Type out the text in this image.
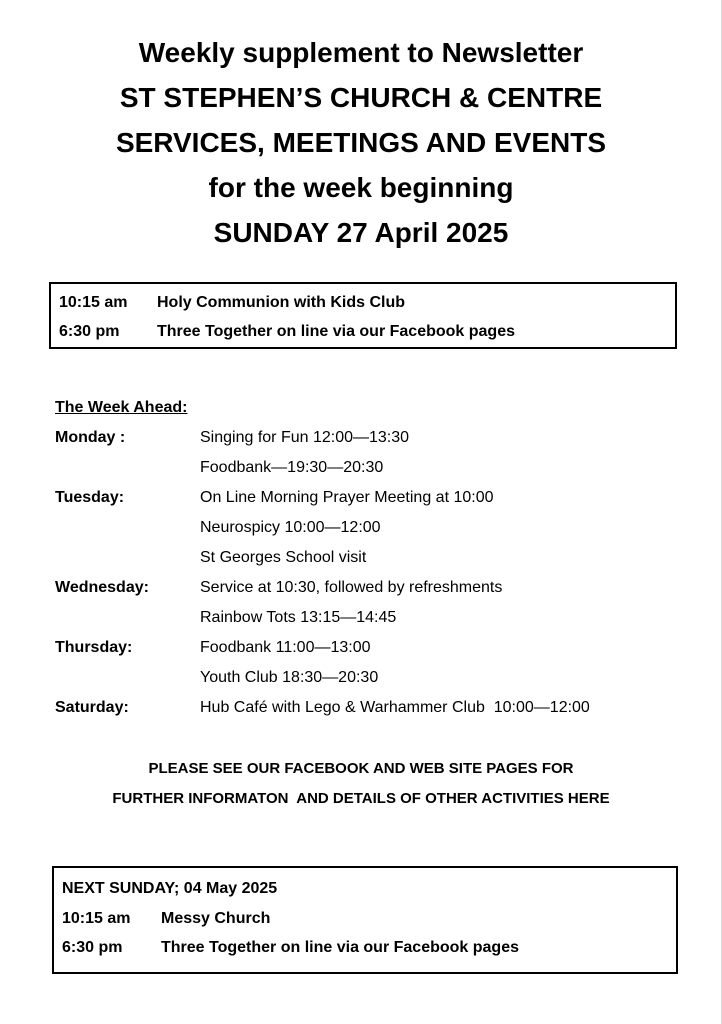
Weekly supplement to Newsletter
ST STEPHEN’S CHURCH & CENTRE
SERVICES, MEETINGS AND EVENTS
for the week beginning
SUNDAY 27 April 2025
10:15 am	Holy Communion with Kids Club
6:30 pm	Three Together on line via our Facebook pages
The Week Ahead:
Monday :	Singing for Fun 12:00—13:30
Foodbank—19:30—20:30
Tuesday:	On Line Morning Prayer Meeting at 10:00
Neurospicy 10:00—12:00
St Georges School visit
Wednesday:	Service at 10:30, followed by refreshments
Rainbow Tots 13:15—14:45
Thursday:	Foodbank 11:00—13:00
Youth Club 18:30—20:30
Saturday:	Hub Café with Lego & Warhammer Club  10:00—12:00
PLEASE SEE OUR FACEBOOK AND WEB SITE PAGES FOR
FURTHER INFORMATON  AND DETAILS OF OTHER ACTIVITIES HERE
NEXT SUNDAY; 04 May 2025
10:15 am	Messy Church
6:30 pm	Three Together on line via our Facebook pages
